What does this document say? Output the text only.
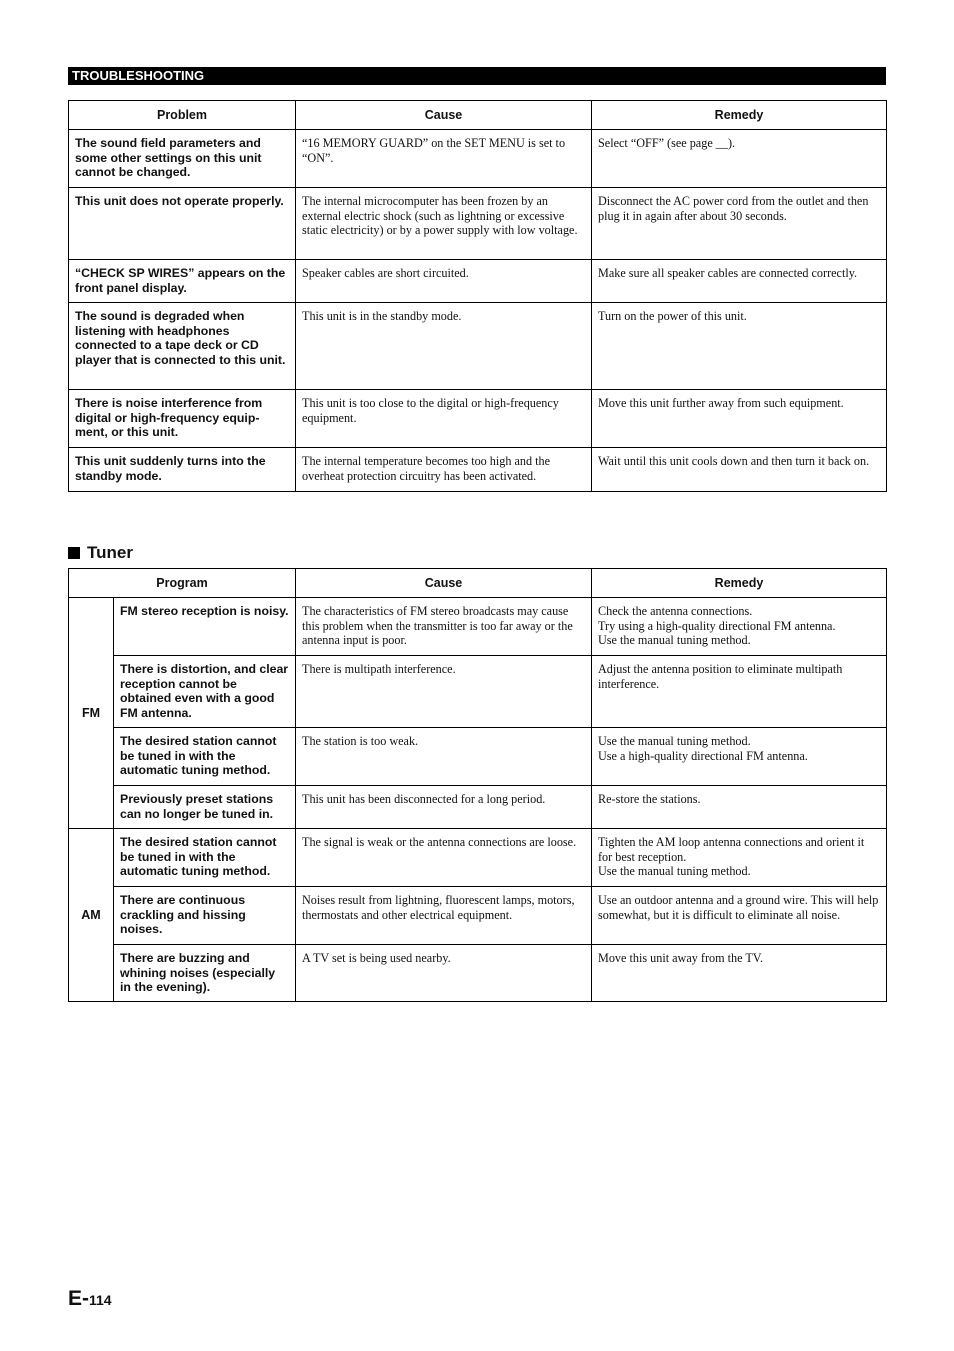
TROUBLESHOOTING
Problem	Cause	Remedy
The sound field parameters and some other settings on this unit cannot be changed.	“16 MEMORY GUARD” on the SET MENU is set to “ON”.	Select “OFF” (see page __).
This unit does not operate properly.	The internal microcomputer has been frozen by an external electric shock (such as lightning or excessive static electricity) or by a power supply with low voltage.	Disconnect the AC power cord from the outlet and then plug it in again after about 30 seconds.
“CHECK SP WIRES” appears on the front panel display.	Speaker cables are short circuited.	Make sure all speaker cables are connected correctly.
The sound is degraded when listening with headphones connected to a tape deck or CD player that is connected to this unit.	This unit is in the standby mode.	Turn on the power of this unit.
There is noise interference from digital or high-frequency equip-ment, or this unit.	This unit is too close to the digital or high-frequency equipment.	Move this unit further away from such equipment.
This unit suddenly turns into the standby mode.	The internal temperature becomes too high and the overheat protection circuitry has been activated.	Wait until this unit cools down and then turn it back on.
Tuner
Program		Cause	Remedy
FM	FM stereo reception is noisy.	The characteristics of FM stereo broadcasts may cause this problem when the transmitter is too far away or the antenna input is poor.	Check the antenna connections.
Try using a high-quality directional FM antenna.
Use the manual tuning method.
	There is distortion, and clear reception cannot be obtained even with a good FM antenna.	There is multipath interference.	Adjust the antenna position to eliminate multipath interference.
	The desired station cannot be tuned in with the automatic tuning method.	The station is too weak.	Use the manual tuning method.
Use a high-quality directional FM antenna.
	Previously preset stations can no longer be tuned in.	This unit has been disconnected for a long period.	Re-store the stations.
AM	The desired station cannot be tuned in with the automatic tuning method.	The signal is weak or the antenna connections are loose.	Tighten the AM loop antenna connections and orient it for best reception.
Use the manual tuning method.
	There are continuous crackling and hissing noises.	Noises result from lightning, fluorescent lamps, motors, thermostats and other electrical equipment.	Use an outdoor antenna and a ground wire. This will help somewhat, but it is difficult to eliminate all noise.
	There are buzzing and whining noises (especially in the evening).	A TV set is being used nearby.	Move this unit away from the TV.
E-114
